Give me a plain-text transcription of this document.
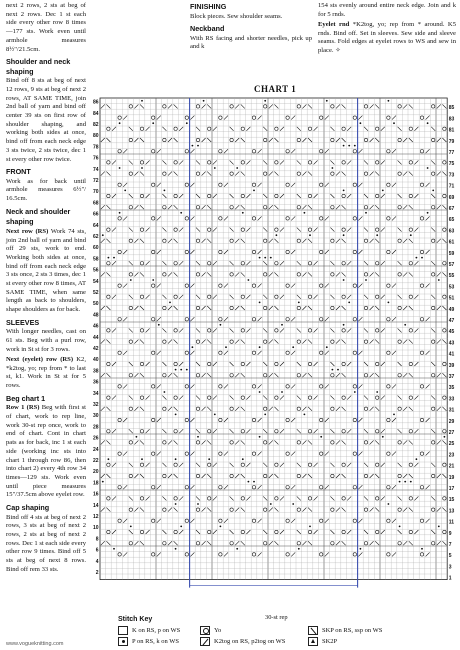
next 2 rows, 2 sts at beg of next 2 rows. Dec 1 st each side every other row 8 times—177 sts. Work even until armhole measures 8½"/21.5cm.

Shoulder and neck shaping

Bind off 8 sts at beg of next 12 rows, 9 sts at beg of next 2 rows, AT SAME TIME, join 2nd ball of yarn and bind off center 39 sts on first row of shoulder shaping, and working both sides at once, bind off from each neck edge 3 sts twice, 2 sts twice, dec 1 st every other row twice.

FRONT

Work as for back until armhole measures 6½"/ 16.5cm.

Neck and shoulder
shaping

Next row (RS) Work 74 sts, join 2nd ball of yarn and bind off 29 sts, work to end. Working both sides at once, bind off from each neck edge 3 sts once, 2 sts 3 times, dec 1 st every other row 8 times, AT SAME TIME, when same length as back to shoulders, shape shoulders as for back.

SLEEVES

With longer needles, cast on 61 sts. Beg with a purl row, work in St st for 3 rows.

Next (eyelet) row (RS) K2, *k2tog, yo; rep from * to last st, k1. Work in St st for 5 rows.

Beg chart 1

Row 1 (RS) Beg with first st of chart, work to rep line, work 30-st rep once, work to end of chart. Cont in chart pats as for back, inc 1 st each side (working inc sts into chart 1 through row 86, then into chart 2) every 4th row 34 times—129 sts. Work even until piece measures 15"/37.5cm above eyelet row.

Cap shaping

Bind off 4 sts at beg of next 2 rows, 3 sts at beg of next 2 rows, 2 sts at beg of next 2 rows. Dec 1 st each side every other row 9 times. Bind off 5 sts at beg of next 8 rows. Bind off rem 33 sts.

FINISHING

Block pieces. Sew shoulder seams.

Neckband

With RS facing and shorter needles, pick up and k

154 sts evenly around entire neck edge. Join and k for 5 rnds.

Eyelet rnd *K2tog, yo; rep from * around. K5 rnds. Bind off. Set in sleeves. Sew side and sleeve seams. Fold edges at eyelet rows to WS and sew in place. ✧

CHART 1
86
84
82
80
78
76
74
72
70
68
66
64
62
60
58
56
54
52
50
48
46
44
42
40
38
36
34
32
30
28
26
24
22
20
18
16
14
12
10
8
6
4
2
85
83
81
79
77
75
73
71
69
67
65
63
61
59
57
55
53
51
49
47
45
43
41
39
37
35
33
31
29
27
25
23
21
19
17
15
13
11
9
7
5
3
1
30-st rep
Stitch Key
K on RS, p on WS
P on RS, k on WS
Yo
K2tog on RS, p2tog on WS
SKP on RS, ssp on WS
SK2P
www.vogueknitting.com
